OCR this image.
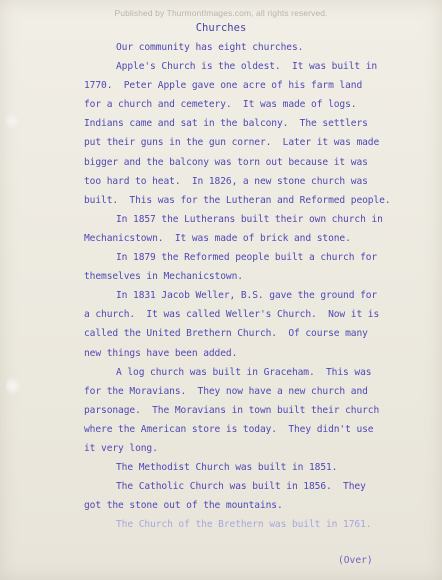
Published by ThurmontImages.com, all rights reserved.
Churches
Our community has eight churches.
Apple's Church is the oldest.  It was built in
1770.  Peter Apple gave one acre of his farm land
for a church and cemetery.  It was made of logs.
Indians came and sat in the balcony.  The settlers
put their guns in the gun corner.  Later it was made
bigger and the balcony was torn out because it was
too hard to heat.  In 1826, a new stone church was
built.  This was for the Lutheran and Reformed people.
In 1857 the Lutherans built their own church in
Mechanicstown.  It was made of brick and stone.
In 1879 the Reformed people built a church for
themselves in Mechanicstown.
In 1831 Jacob Weller, B.S. gave the ground for
a church.  It was called Weller's Church.  Now it is
called the United Brethern Church.  Of course many
new things have been added.
A log church was built in Graceham.  This was
for the Moravians.  They now have a new church and
parsonage.  The Moravians in town built their church
where the American store is today.  They didn't use
it very long.
The Methodist Church was built in 1851.
The Catholic Church was built in 1856.  They
got the stone out of the mountains.
The Church of the Brethern was built in 1761.
(Over)
